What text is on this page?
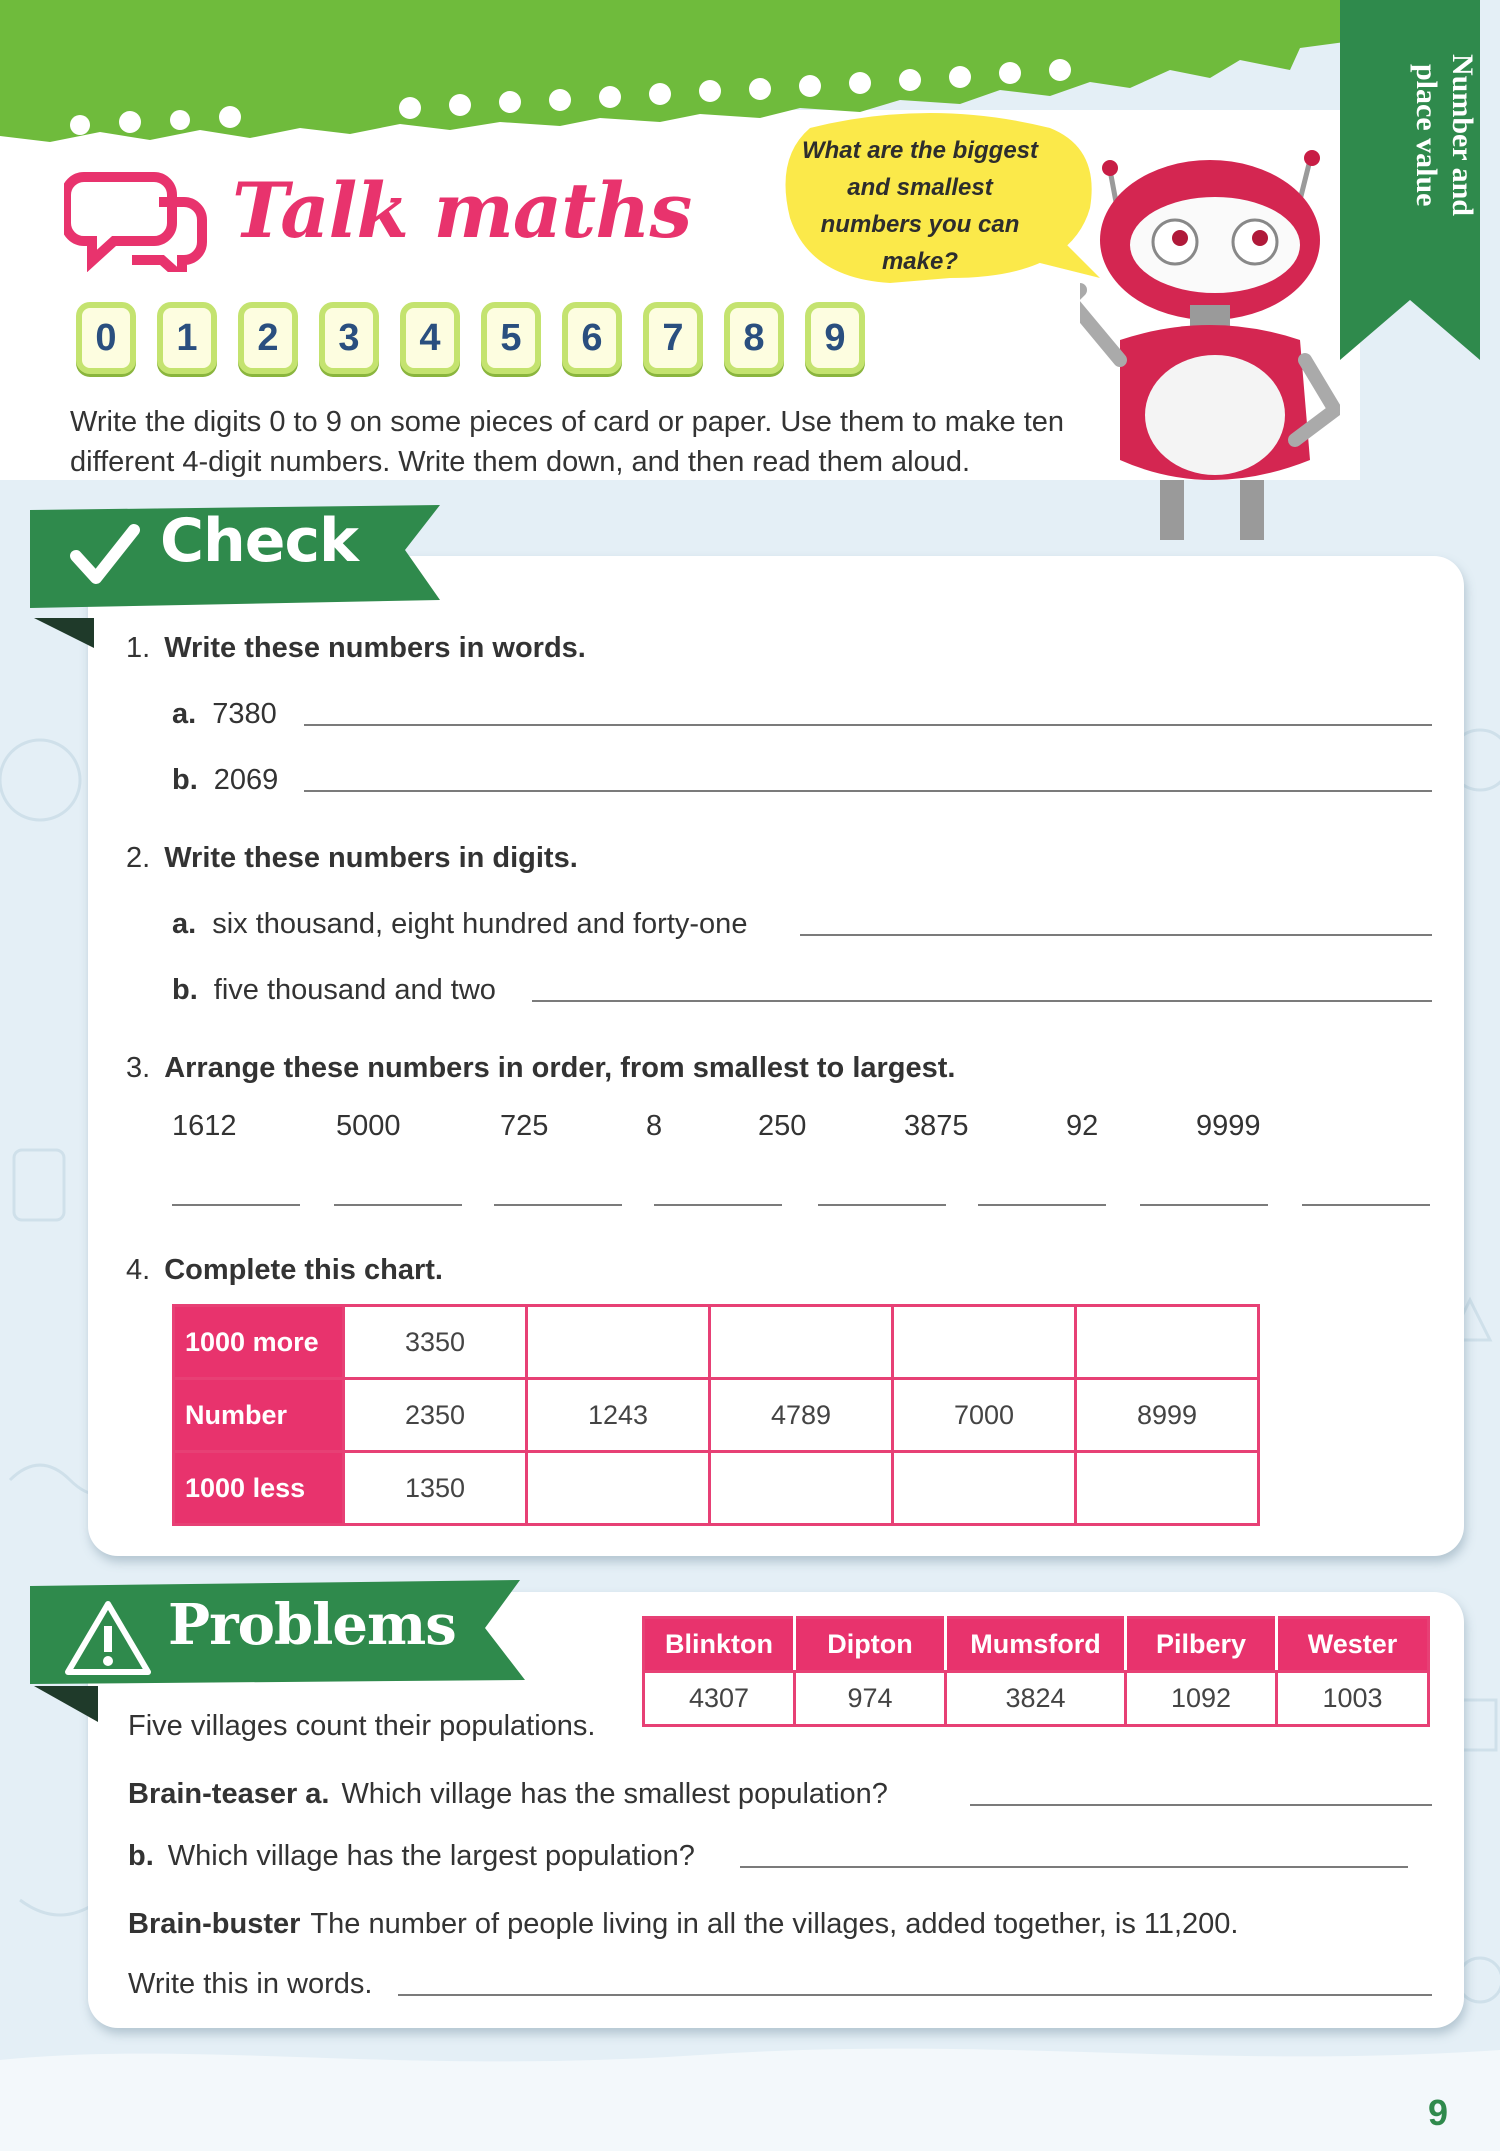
Number and place value
Talk maths
What are the biggest and smallest numbers you can make?
0	1	2	3	4	5	6	7	8	9
Write the digits 0 to 9 on some pieces of card or paper. Use them to make ten different 4-digit numbers. Write them down, and then read them aloud.
Check
1. Write these numbers in words.
a. 7380
b. 2069
2. Write these numbers in digits.
a. six thousand, eight hundred and forty-one
b. five thousand and two
3. Arrange these numbers in order, from smallest to largest.
1612	5000	725	8	250	3875	92	9999
4. Complete this chart.
1000 more	3350				
Number	2350	1243	4789	7000	8999
1000 less	1350				
Problems	Blinkton	Dipton	Mumsford	Pilbery	Wester
4307	974	3824	1092	1003
Five villages count their populations.
Brain-teaser a. Which village has the smallest population?
b. Which village has the largest population?
Brain-buster The number of people living in all the villages, added together, is 11,200.
Write this in words.
9
